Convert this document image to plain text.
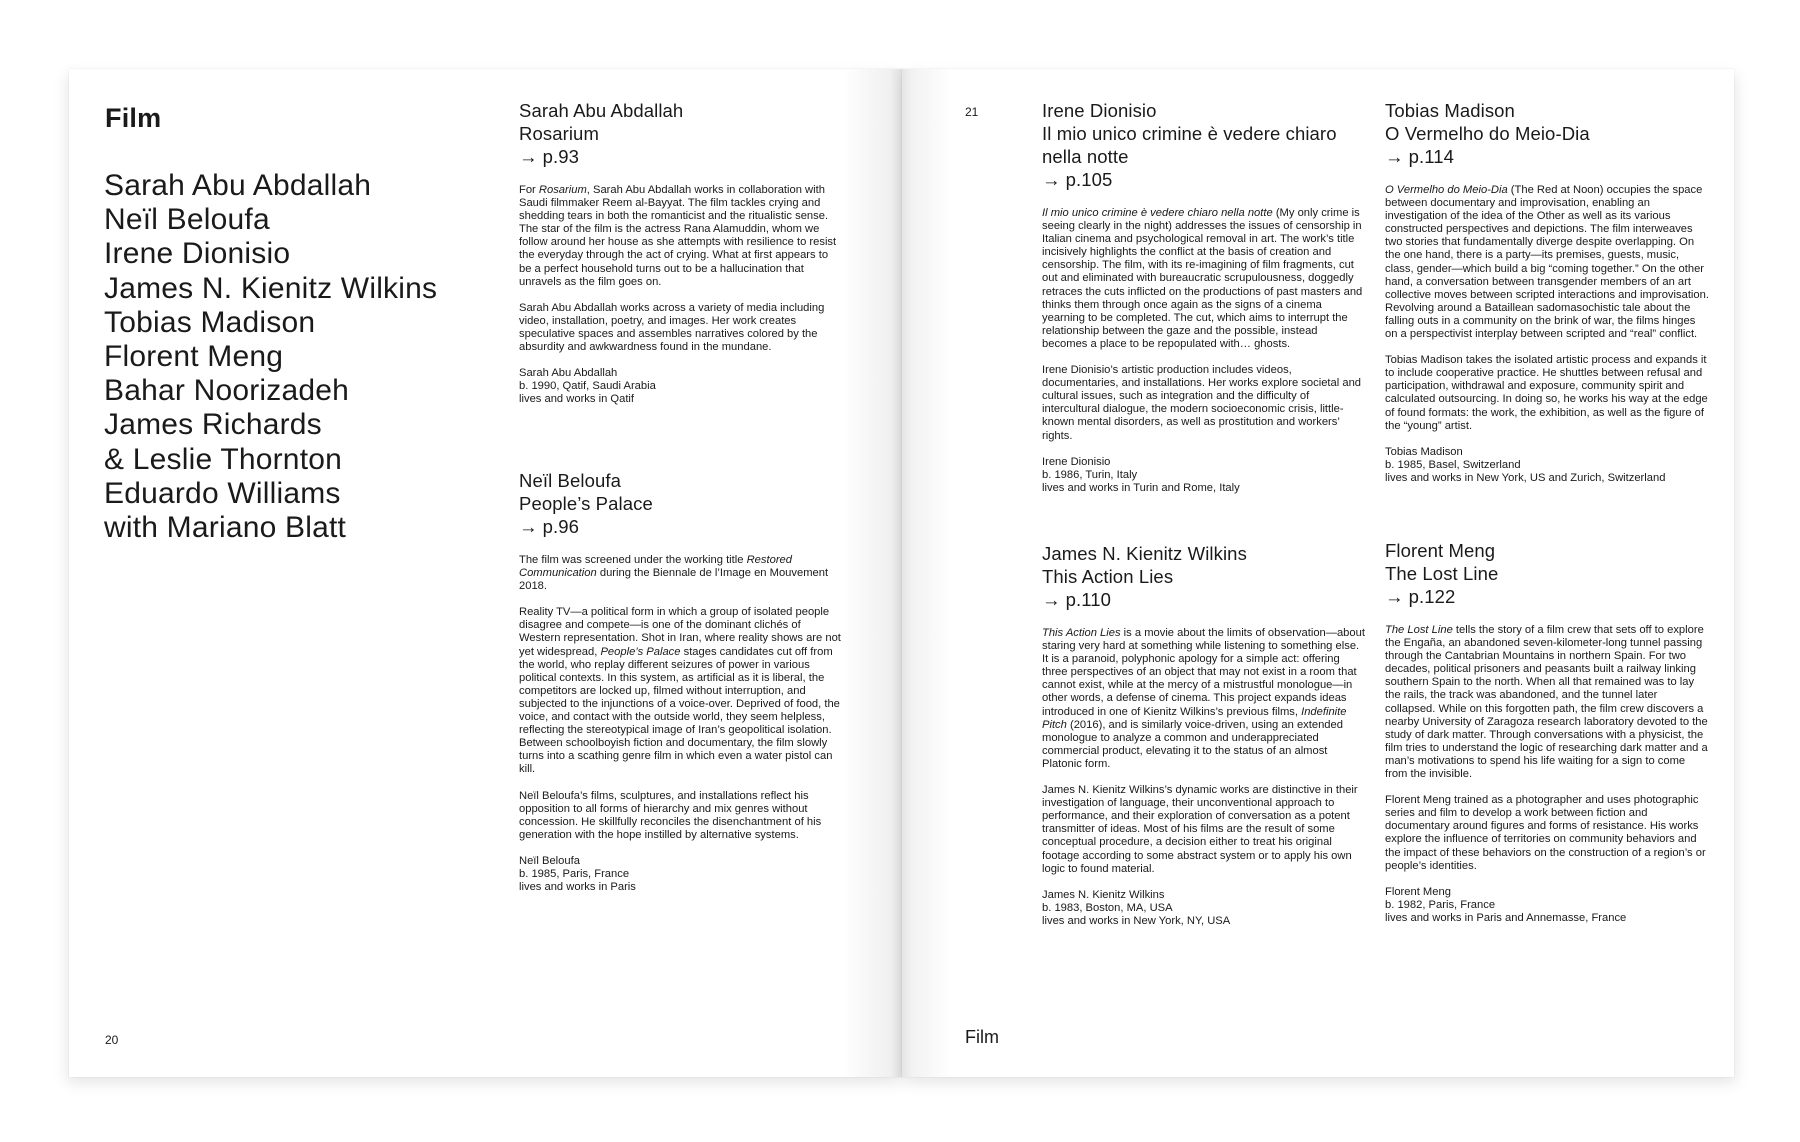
Film
Sarah Abu Abdallah
Neïl Beloufa
Irene Dionisio
James N. Kienitz Wilkins
Tobias Madison
Florent Meng
Bahar Noorizadeh
James Richards
& Leslie Thornton
Eduardo Williams
with Mariano Blatt
Sarah Abu Abdallah
Rosarium
→ p.93

For Rosarium, Sarah Abu Abdallah works in collaboration with Saudi filmmaker Reem al-Bayyat. The film tackles crying and shedding tears in both the romanticist and the ritualistic sense. The star of the film is the actress Rana Alamuddin, whom we follow around her house as she attempts with resilience to resist the everyday through the act of crying. What at first appears to be a perfect household turns out to be a hallucination that unravels as the film goes on.

Sarah Abu Abdallah works across a variety of media including video, installation, poetry, and images. Her work creates speculative spaces and assembles narratives colored by the absurdity and awkwardness found in the mundane.

Sarah Abu Abdallah
b. 1990, Qatif, Saudi Arabia
lives and works in Qatif
Neïl Beloufa
People’s Palace
→ p.96

The film was screened under the working title Restored Communication during the Biennale de l’Image en Mouvement 2018.

Reality TV—a political form in which a group of isolated people disagree and compete—is one of the dominant clichés of Western representation. Shot in Iran, where reality shows are not yet widespread, People’s Palace stages candidates cut off from the world, who replay different seizures of power in various political contexts. In this system, as artificial as it is liberal, the competitors are locked up, filmed without interruption, and subjected to the injunctions of a voice-over. Deprived of food, the voice, and contact with the outside world, they seem helpless, reflecting the stereotypical image of Iran’s geopolitical isolation. Between schoolboyish fiction and documentary, the film slowly turns into a scathing genre film in which even a water pistol can kill.

Neïl Beloufa’s films, sculptures, and installations reflect his opposition to all forms of hierarchy and mix genres without concession. He skillfully reconciles the disenchantment of his generation with the hope instilled by alternative systems.

Neïl Beloufa
b. 1985, Paris, France
lives and works in Paris
20
21	Irene Dionisio
Il mio unico crimine è vedere chiaro nella notte
→ p.105

Il mio unico crimine è vedere chiaro nella notte (My only crime is seeing clearly in the night) addresses the issues of censorship in Italian cinema and psychological removal in art. The work’s title incisively highlights the conflict at the basis of creation and censorship. The film, with its re-imagining of film fragments, cut out and eliminated with bureaucratic scrupulousness, doggedly retraces the cuts inflicted on the productions of past masters and thinks them through once again as the signs of a cinema yearning to be completed. The cut, which aims to interrupt the relationship between the gaze and the possible, instead becomes a place to be repopulated with… ghosts.

Irene Dionisio’s artistic production includes videos, documentaries, and installations. Her works explore societal and cultural issues, such as integration and the difficulty of intercultural dialogue, the modern socioeconomic crisis, little-known mental disorders, as well as prostitution and workers’ rights.

Irene Dionisio
b. 1986, Turin, Italy
lives and works in Turin and Rome, Italy
Tobias Madison
O Vermelho do Meio-Dia
→ p.114

O Vermelho do Meio-Dia (The Red at Noon) occupies the space between documentary and improvisation, enabling an investigation of the idea of the Other as well as its various constructed perspectives and depictions. The film interweaves two stories that fundamentally diverge despite overlapping. On the one hand, there is a party—its premises, guests, music, class, gender—which build a big “coming together.” On the other hand, a conversation between transgender members of an art collective moves between scripted interactions and improvisation. Revolving around a Bataillean sadomasochistic tale about the falling outs in a community on the brink of war, the films hinges on a perspectivist interplay between scripted and “real” conflict.

Tobias Madison takes the isolated artistic process and expands it to include cooperative practice. He shuttles between refusal and participation, withdrawal and exposure, community spirit and calculated outsourcing. In doing so, he works his way at the edge of found formats: the work, the exhibition, as well as the figure of the “young” artist.

Tobias Madison
b. 1985, Basel, Switzerland
lives and works in New York, US and Zurich, Switzerland
James N. Kienitz Wilkins
This Action Lies
→ p.110

This Action Lies is a movie about the limits of observation—about staring very hard at something while listening to something else. It is a paranoid, polyphonic apology for a simple act: offering three perspectives of an object that may not exist in a room that cannot exist, while at the mercy of a mistrustful monologue—in other words, a defense of cinema. This project expands ideas introduced in one of Kienitz Wilkins’s previous films, Indefinite Pitch (2016), and is similarly voice-driven, using an extended monologue to analyze a common and underappreciated commercial product, elevating it to the status of an almost Platonic form.

James N. Kienitz Wilkins’s dynamic works are distinctive in their investigation of language, their unconventional approach to performance, and their exploration of conversation as a potent transmitter of ideas. Most of his films are the result of some conceptual procedure, a decision either to treat his original footage according to some abstract system or to apply his own logic to found material.

James N. Kienitz Wilkins
b. 1983, Boston, MA, USA
lives and works in New York, NY, USA
Florent Meng
The Lost Line
→ p.122

The Lost Line tells the story of a film crew that sets off to explore the Engaña, an abandoned seven-kilometer-long tunnel passing through the Cantabrian Mountains in northern Spain. For two decades, political prisoners and peasants built a railway linking southern Spain to the north. When all that remained was to lay the rails, the track was abandoned, and the tunnel later collapsed. While on this forgotten path, the film crew discovers a nearby University of Zaragoza research laboratory devoted to the study of dark matter. Through conversations with a physicist, the film tries to understand the logic of researching dark matter and a man’s motivations to spend his life waiting for a sign to come from the invisible.

Florent Meng trained as a photographer and uses photographic series and film to develop a work between fiction and documentary around figures and forms of resistance. His works explore the influence of territories on community behaviors and the impact of these behaviors on the construction of a region’s or people’s identities.

Florent Meng
b. 1982, Paris, France
lives and works in Paris and Annemasse, France
Film
